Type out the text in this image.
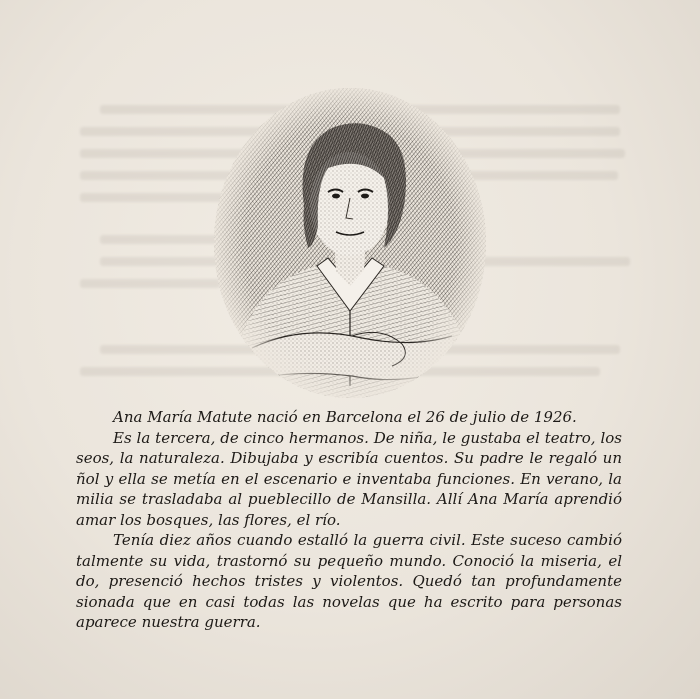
Ana María Matute nació en Barcelona el 26 de julio de 1926.

Es la tercera, de cinco hermanos. De niña, le gustaba el teatro, los
seos, la naturaleza. Dibujaba y escribía cuentos. Su padre le regaló un
ñol y ella se metía en el escenario e inventaba funciones. En verano, la
milia se trasladaba al pueblecillo de Mansilla. Allí Ana María aprendió
amar los bosques, las flores, el río.

Tenía diez años cuando estalló la guerra civil. Este suceso cambió
talmente su vida, trastornó su pequeño mundo. Conoció la miseria, el
do, presenció hechos tristes y violentos. Quedó tan profundamente
sionada que en casi todas las novelas que ha escrito para personas
aparece nuestra guerra.
